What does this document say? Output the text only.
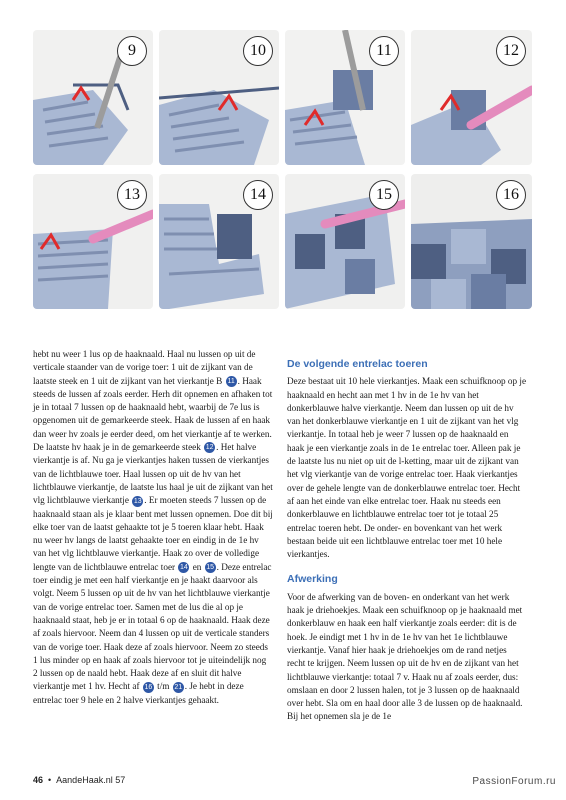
9	10	11	12
13	14	15	16

hebt nu weer 1 lus op de haaknaald. Haal nu lussen op uit de verticale staander van de vorige toer: 1 uit de zijkant van de laatste steek en 1 uit de zijkant van het vierkantje B 11 . Haak steeds de lussen af zoals eerder. Herh dit opnemen en afhaken tot je in totaal 7 lussen op de haaknaald hebt, waarbij de 7e lus is opgenomen uit de gemarkeerde steek. Haak de lussen af en haak dan weer hv zoals je eerder deed, om het vierkantje af te werken. De laatste hv haak je in de gemarkeerde steek 12 . Het halve vierkantje is af. Nu ga je vierkantjes haken tussen de vierkantjes van de lichtblauwe toer. Haal lussen op uit de hv van het lichtblauwe vierkantje, de laatste lus haal je uit de zijkant van het vlg lichtblauwe vierkantje 13 . Er moeten steeds 7 lussen op de haaknaald staan als je klaar bent met lussen opnemen. Doe dit bij elke toer van de laatst gehaakte tot je 5 toeren klaar hebt. Haak nu weer hv langs de laatst gehaakte toer en eindig in de 1e hv van het vlg lichtblauwe vierkantje. Haak zo over de volledige lengte van de lichtblauwe entrelac toer 14 en 15 . Deze entrelac toer eindig je met een half vierkantje en je haakt daarvoor als volgt. Neem 5 lussen op uit de hv van het lichtblauwe vierkantje van de vorige entrelac toer. Samen met de lus die al op je haaknaald staat, heb je er in totaal 6 op de haaknaald. Haak deze af zoals hiervoor. Neem dan 4 lussen op uit de verticale standers van de vorige toer. Haak deze af zoals hiervoor. Neem zo steeds 1 lus minder op en haak af zoals hiervoor tot je uiteindelijk nog 2 lussen op de naald hebt. Haak deze af en sluit dit halve vierkantje met 1 hv. Hecht af 16 t/m 21 . Je hebt in deze entrelac toer 9 hele en 2 halve vierkantjes gehaakt.

De volgende entrelac toeren

Deze bestaat uit 10 hele vierkantjes. Maak een schuifknoop op je haaknaald en hecht aan met 1 hv in de 1e hv van het donkerblauwe halve vierkantje. Neem dan lussen op uit de hv van het donkerblauwe vierkantje en 1 uit de zijkant van het vlg vierkantje. In totaal heb je weer 7 lussen op de haaknaald en haak je een vierkantje zoals in de 1e entrelac toer. Alleen pak je de laatste lus nu niet op uit de l-ketting, maar uit de zijkant van het vlg vierkantje van de vorige entrelac toer. Haak vierkantjes over de gehele lengte van de donkerblauwe entrelac toer. Hecht af aan het einde van elke entrelac toer. Haak nu steeds een donkerblauwe en lichtblauwe entrelac toer tot je totaal 25 entrelac toeren hebt. De onder- en bovenkant van het werk bestaan beide uit een lichtblauwe entrelac toer met 10 hele vierkantjes.

Afwerking

Voor de afwerking van de boven- en onderkant van het werk haak je driehoekjes. Maak een schuifknoop op je haaknaald met donkerblauw en haak een half vierkantje zoals eerder: dit is de hoek. Je eindigt met 1 hv in de 1e hv van het 1e lichtblauwe vierkantje. Vanaf hier haak je driehoekjes om de rand netjes recht te krijgen. Neem lussen op uit de hv en de zijkant van het lichtblauwe vierkantje: totaal 7 v. Haak nu af zoals eerder, dus: omslaan en door 2 lussen halen, tot je 3 lussen op de haaknaald over hebt. Sla om en haal door alle 3 de lussen op de haaknaald. Bij het opnemen sla je de 1e

46 • AandeHaak.nl 57	PassionForum.ru
